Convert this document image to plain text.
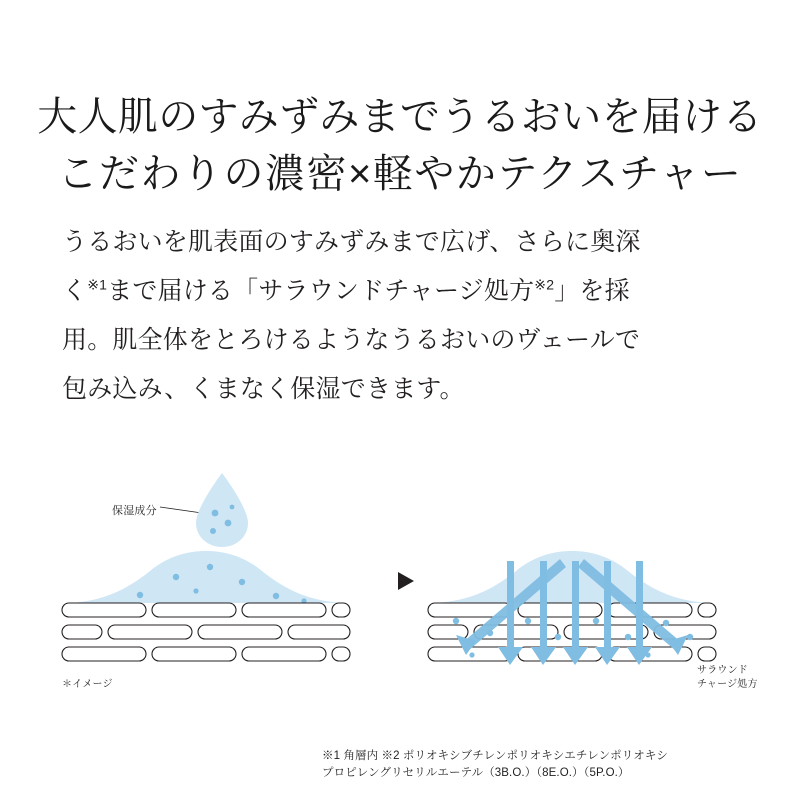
大人肌のすみずみまでうるおいを届ける
こだわりの濃密×軽やかテクスチャー
うるおいを肌表面のすみずみまで広げ、さらに奥深
く$^{※1}$まで届ける「サラウンドチャージ処方$^{※2}$」を採
用。肌全体をとろけるようなうるおいのヴェールで
包み込み、くまなく保湿できます。
保湿成分
＊イメージ
サラウンド
チャージ処方
※1 角層内 ※2 ポリオキシブチレンポリオキシエチレンポリオキシ
プロピレングリセリルエーテル（3B.O.）（8E.O.）（5P.O.）
